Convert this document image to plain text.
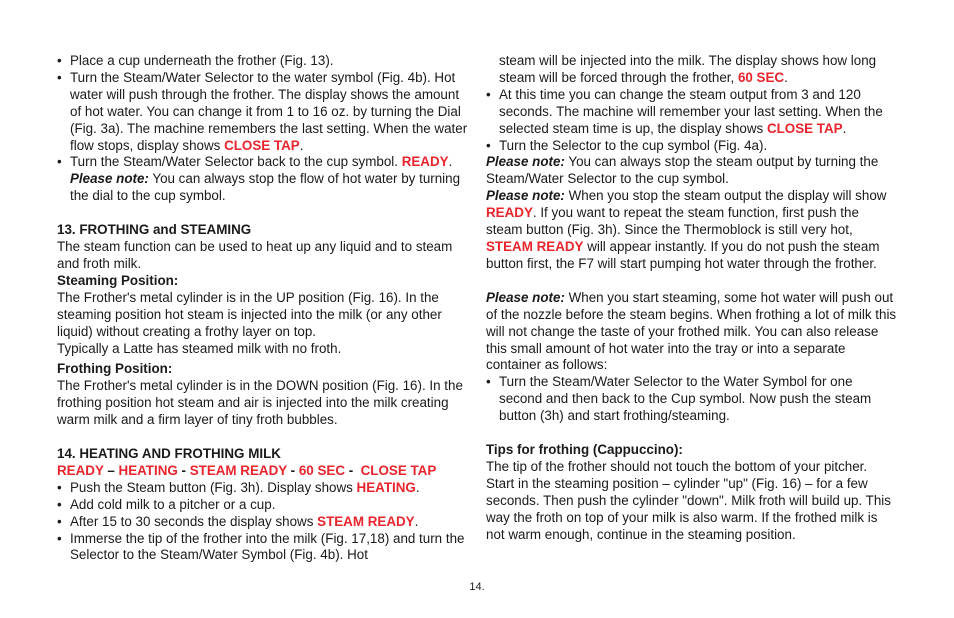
• Place a cup underneath the frother (Fig. 13).

• Turn the Steam/Water Selector to the water symbol (Fig. 4b). Hot water will push through the frother. The display shows the amount of hot water. You can change it from 1 to 16 oz. by turning the Dial (Fig. 3a). The machine remembers the last setting. When the water flow stops, display shows CLOSE TAP.

• Turn the Steam/Water Selector back to the cup symbol. READY.

Please note: You can always stop the flow of hot water by turning the dial to the cup symbol.

13. FROTHING and STEAMING

The steam function can be used to heat up any liquid and to steam and froth milk.

Steaming Position:

The Frother's metal cylinder is in the UP position (Fig. 16). In the steaming position hot steam is injected into the milk (or any other liquid) without creating a frothy layer on top.

Typically a Latte has steamed milk with no froth.

Frothing Position:

The Frother's metal cylinder is in the DOWN position (Fig. 16). In the frothing position hot steam and air is injected into the milk creating warm milk and a firm layer of tiny froth bubbles.

14. HEATING AND FROTHING MILK

READY – HEATING - STEAM READY - 60 SEC -  CLOSE TAP

• Push the Steam button (Fig. 3h). Display shows HEATING.

• Add cold milk to a pitcher or a cup.

• After 15 to 30 seconds the display shows STEAM READY.

• Immerse the tip of the frother into the milk (Fig. 17,18) and turn the Selector to the Steam/Water Symbol (Fig. 4b). Hot

steam will be injected into the milk. The display shows how long steam will be forced through the frother, 60 SEC.

• At this time you can change the steam output from 3 and 120 seconds. The machine will remember your last setting. When the selected steam time is up, the display shows CLOSE TAP.

• Turn the Selector to the cup symbol (Fig. 4a).

Please note: You can always stop the steam output by turning the Steam/Water Selector to the cup symbol.

Please note: When you stop the steam output the display will show READY. If you want to repeat the steam function, first push the steam button (Fig. 3h). Since the Thermoblock is still very hot, STEAM READY will appear instantly. If you do not push the steam button first, the F7 will start pumping hot water through the frother.

Please note: When you start steaming, some hot water will push out of the nozzle before the steam begins. When frothing a lot of milk this will not change the taste of your frothed milk. You can also release this small amount of hot water into the tray or into a separate container as follows:

• Turn the Steam/Water Selector to the Water Symbol for one second and then back to the Cup symbol. Now push the steam button (3h) and start frothing/steaming.

Tips for frothing (Cappuccino):

The tip of the frother should not touch the bottom of your pitcher. Start in the steaming position – cylinder "up" (Fig. 16) – for a few seconds. Then push the cylinder "down". Milk froth will build up. This way the froth on top of your milk is also warm. If the frothed milk is not warm enough, continue in the steaming position.

14.
